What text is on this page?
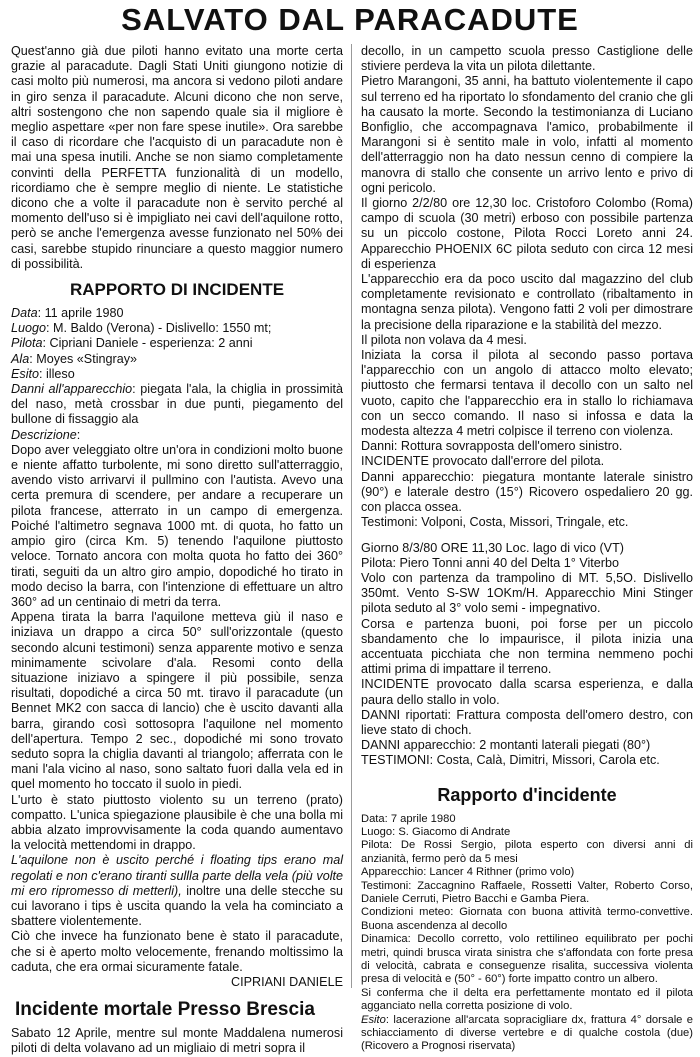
SALVATO DAL PARACADUTE

Quest'anno già due piloti hanno evitato una morte certa grazie al paracadute. Dagli Stati Uniti giungono notizie di casi molto più numerosi, ma ancora si vedono piloti andare in giro senza il paracadute. Alcuni dicono che non serve, altri sostengono che non sapendo quale sia il migliore è meglio aspettare «per non fare spese inutile». Ora sarebbe il caso di ricordare che l'acquisto di un paracadute non è mai una spesa inutili. Anche se non siamo completamente convinti della PERFETTA funzionalità di un modello, ricordiamo che è sempre meglio di niente. Le statistiche dicono che a volte il paracadute non è servito perché al momento dell'uso si è impigliato nei cavi dell'aquilone rotto, però se anche l'emergenza avesse funzionato nel 50% dei casi, sarebbe stupido rinunciare a questo maggior numero di possibilità.

RAPPORTO DI INCIDENTE

Data: 11 aprile 1980

Luogo: M. Baldo (Verona) - Dislivello: 1550 mt;

Pilota: Cipriani Daniele - esperienza: 2 anni

Ala: Moyes «Stingray»

Esito: illeso

Danni all'apparecchio: piegata l'ala, la chiglia in prossimità del naso, metà crossbar in due punti, piegamento del bullone di fissaggio ala

Descrizione:

Dopo aver veleggiato oltre un'ora in condizioni molto buone e niente affatto turbolente, mi sono diretto sull'atterraggio, avendo visto arrivarvi il pullmino con l'autista. Avevo una certa premura di scendere, per andare a recuperare un pilota francese, atterrato in un campo di emergenza. Poiché l'altimetro segnava 1000 mt. di quota, ho fatto un ampio giro (circa Km. 5) tenendo l'aquilone piuttosto veloce. Tornato ancora con molta quota ho fatto dei 360° tirati, seguiti da un altro giro ampio, dopodiché ho tirato in modo deciso la barra, con l'intenzione di effettuare un altro 360° ad un centinaio di metri da terra.

Appena tirata la barra l'aquilone metteva giù il naso e iniziava un drappo a circa 50° sull'orizzontale (questo secondo alcuni testimoni) senza apparente motivo e senza minimamente scivolare d'ala. Resomi conto della situazione iniziavo a spingere il più possibile, senza risultati, dopodiché a circa 50 mt. tiravo il paracadute (un Bennet MK2 con sacca di lancio) che è uscito davanti alla barra, girando così sottosopra l'aquilone nel momento dell'apertura. Tempo 2 sec., dopodiché mi sono trovato seduto sopra la chiglia davanti al triangolo; afferrata con le mani l'ala vicino al naso, sono saltato fuori dalla vela ed in quel momento ho toccato il suolo in piedi.

L'urto è stato piuttosto violento su un terreno (prato) compatto. L'unica spiegazione plausibile è che una bolla mi abbia alzato improvvisamente la coda quando aumentavo la velocità mettendomi in drappo.

L'aquilone non è uscito perché i floating tips erano mal regolati e non c'erano tiranti sullla parte della vela (più volte mi ero ripromesso di metterli), inoltre una delle stecche su cui lavorano i tips è uscita quando la vela ha cominciato a sbattere violentemente.

Ciò che invece ha funzionato bene è stato il paracadute, che si è aperto molto velocemente, frenando moltissimo la caduta, che era ormai sicuramente fatale.

CIPRIANI DANIELE

Incidente mortale Presso Brescia

Sabato 12 Aprile, mentre sul monte Maddalena numerosi piloti di delta volavano ad un migliaio di metri sopra il

decollo, in un campetto scuola presso Castiglione delle stiviere perdeva la vita un pilota dilettante.

Pietro Marangoni, 35 anni, ha battuto violentemente il capo sul terreno ed ha riportato lo sfondamento del cranio che gli ha causato la morte. Secondo la testimonianza di Luciano Bonfiglio, che accompagnava l'amico, probabilmente il Marangoni si è sentito male in volo, infatti al momento dell'atterraggio non ha dato nessun cenno di compiere la manovra di stallo che consente un arrivo lento e privo di ogni pericolo.

Il giorno 2/2/80 ore 12,30 loc. Cristoforo Colombo (Roma) campo di scuola (30 metri) erboso con possibile partenza su un piccolo costone, Pilota Rocci Loreto anni 24. Apparecchio PHOENIX 6C pilota seduto con circa 12 mesi di esperienza

L'apparecchio era da poco uscito dal magazzino del club completamente revisionato e controllato (ribaltamento in montagna senza pilota). Vengono fatti 2 voli per dimostrare la precisione della riparazione e la stabilità del mezzo.

Il pilota non volava da 4 mesi.

Iniziata la corsa il pilota al secondo passo portava l'apparecchio con un angolo di attacco molto elevato; piuttosto che fermarsi tentava il decollo con un salto nel vuoto, capito che l'apparecchio era in stallo lo richiamava con un secco comando. Il naso si infossa e data la modesta altezza 4 metri colpisce il terreno con violenza.

Danni: Rottura sovrapposta dell'omero sinistro.

INCIDENTE provocato dall'errore del pilota.

Danni apparecchio: piegatura montante laterale sinistro (90°) e laterale destro (15°) Ricovero ospedaliero 20 gg. con placca ossea.

Testimoni: Volponi, Costa, Missori, Tringale, etc.

Giorno 8/3/80 ORE 11,30 Loc. lago di vico (VT)

Pilota: Piero Tonni anni 40 del Delta 1° Viterbo

Volo con partenza da trampolino di MT. 5,5O. Dislivello 350mt. Vento S-SW 1OKm/H. Apparecchio Mini Stinger pilota seduto al 3° volo semi - impegnativo.

Corsa e partenza buoni, poi forse per un piccolo sbandamento che lo impaurisce, il pilota inizia una accentuata picchiata che non termina nemmeno pochi attimi prima di impattare il terreno.

INCIDENTE provocato dalla scarsa esperienza, e dalla paura dello stallo in volo.

DANNI riportati: Frattura composta dell'omero destro, con lieve stato di choch.

DANNI apparecchio: 2 montanti laterali piegati (80°)

TESTIMONI: Costa, Calà, Dimitri, Missori, Carola etc.

Rapporto d'incidente

Data: 7 aprile 1980

Luogo: S. Giacomo di Andrate

Pilota: De Rossi Sergio, pilota esperto con diversi anni di anzianità, fermo però da 5 mesi

Apparecchio: Lancer 4 Rithner (primo volo)

Testimoni: Zaccagnino Raffaele, Rossetti Valter, Roberto Corso, Daniele Cerruti, Pietro Bacchi e Gamba Piera.

Condizioni meteo: Giornata con buona attività termo-convettive. Buona ascendenza al decollo

Dinamica: Decollo corretto, volo rettilineo equilibrato per pochi metri, quindi brusca virata sinistra che s'affondata con forte presa di velocità, cabrata e conseguenze risalita, successiva violenta presa di velocità e (50° - 60°) forte impatto contro un albero.

Si conferma che il delta era perfettamente montato ed il pilota agganciato nella corretta posizione di volo.

Esito: lacerazione all'arcata sopracigliare dx, frattura 4° dorsale e schiacciamento di diverse vertebre e di qualche costola (due) (Ricovero a Prognosi riservata)
